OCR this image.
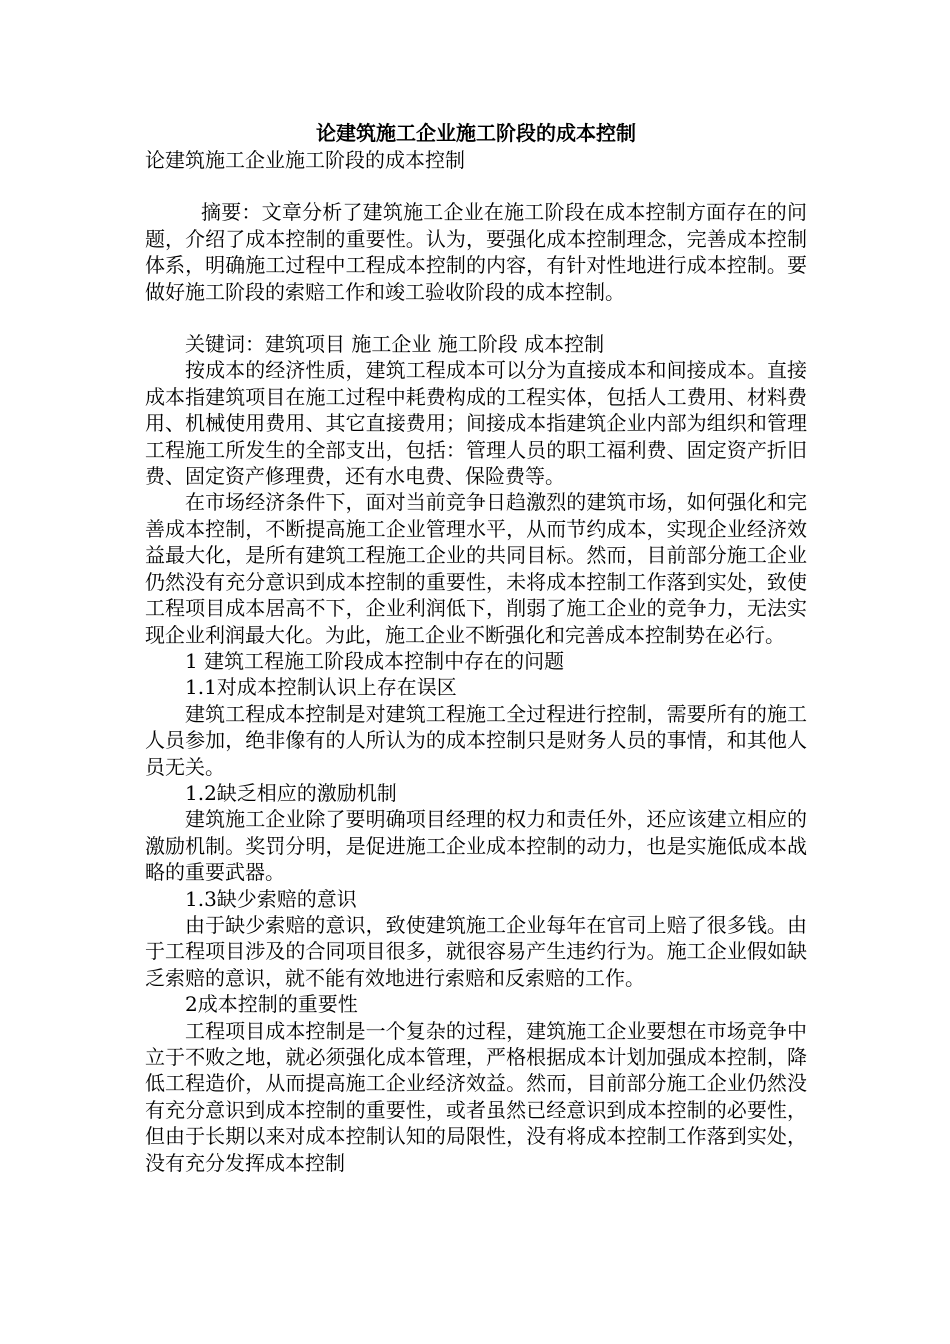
论建筑施工企业施工阶段的成本控制

论建筑施工企业施工阶段的成本控制

摘要：文章分析了建筑施工企业在施工阶段在成本控制方面存在的问题，介绍了成本控制的重要性。认为，要强化成本控制理念，完善成本控制体系，明确施工过程中工程成本控制的内容，有针对性地进行成本控制。要做好施工阶段的索赔工作和竣工验收阶段的成本控制。

关键词：建筑项目 施工企业 施工阶段 成本控制

按成本的经济性质，建筑工程成本可以分为直接成本和间接成本。直接成本指建筑项目在施工过程中耗费构成的工程实体，包括人工费用、材料费用、机械使用费用、其它直接费用；间接成本指建筑企业内部为组织和管理工程施工所发生的全部支出，包括：管理人员的职工福利费、固定资产折旧费、固定资产修理费，还有水电费、保险费等。

在市场经济条件下，面对当前竞争日趋激烈的建筑市场，如何强化和完善成本控制，不断提高施工企业管理水平，从而节约成本，实现企业经济效益最大化，是所有建筑工程施工企业的共同目标。然而，目前部分施工企业仍然没有充分意识到成本控制的重要性，未将成本控制工作落到实处，致使工程项目成本居高不下，企业利润低下，削弱了施工企业的竞争力，无法实现企业利润最大化。为此，施工企业不断强化和完善成本控制势在必行。

1 建筑工程施工阶段成本控制中存在的问题

1.1对成本控制认识上存在误区

建筑工程成本控制是对建筑工程施工全过程进行控制，需要所有的施工人员参加，绝非像有的人所认为的成本控制只是财务人员的事情，和其他人员无关。

1.2缺乏相应的激励机制

建筑施工企业除了要明确项目经理的权力和责任外，还应该建立相应的激励机制。奖罚分明，是促进施工企业成本控制的动力，也是实施低成本战略的重要武器。

1.3缺少索赔的意识

由于缺少索赔的意识，致使建筑施工企业每年在官司上赔了很多钱。由于工程项目涉及的合同项目很多，就很容易产生违约行为。施工企业假如缺乏索赔的意识，就不能有效地进行索赔和反索赔的工作。

2成本控制的重要性

工程项目成本控制是一个复杂的过程，建筑施工企业要想在市场竞争中立于不败之地，就必须强化成本管理，严格根据成本计划加强成本控制，降低工程造价，从而提高施工企业经济效益。然而，目前部分施工企业仍然没有充分意识到成本控制的重要性，或者虽然已经意识到成本控制的必要性，但由于长期以来对成本控制认知的局限性，没有将成本控制工作落到实处，没有充分发挥成本控制
